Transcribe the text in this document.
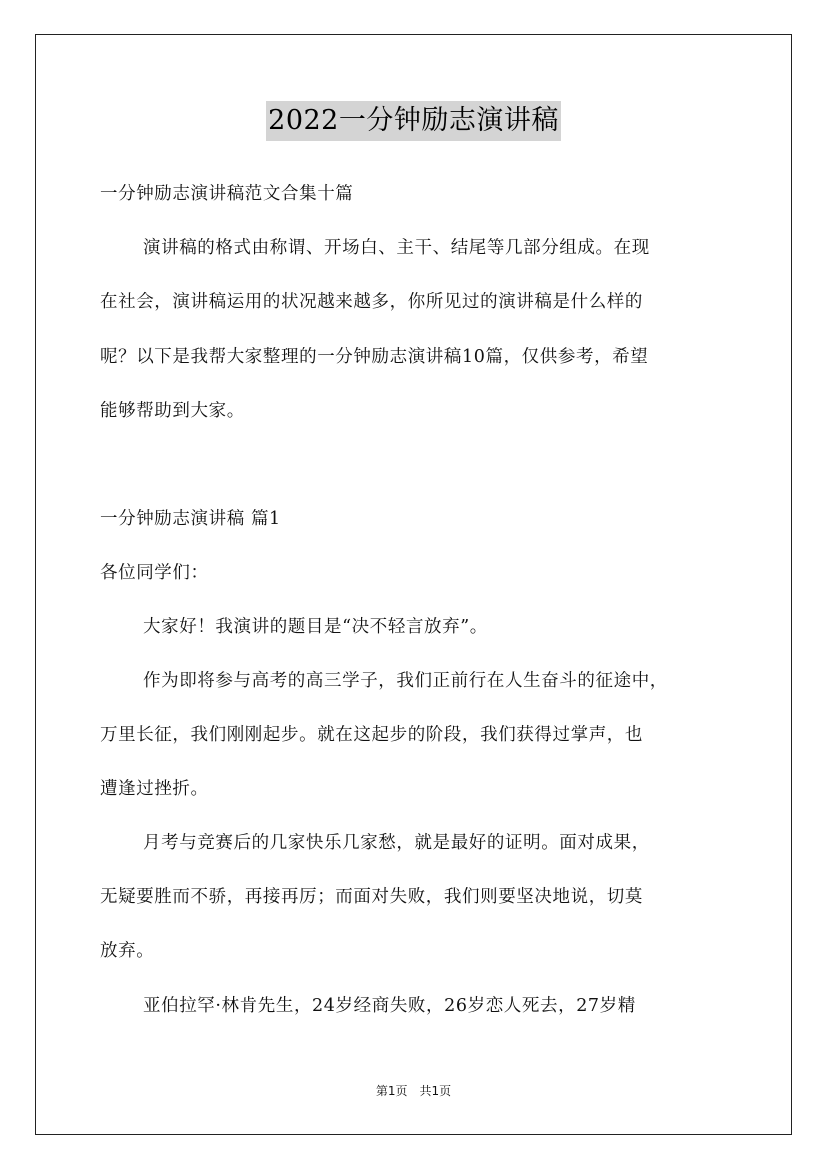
2022一分钟励志演讲稿
一分钟励志演讲稿范文合集十篇
演讲稿的格式由称谓、开场白、主干、结尾等几部分组成。在现
在社会，演讲稿运用的状况越来越多，你所见过的演讲稿是什么样的
呢？以下是我帮大家整理的一分钟励志演讲稿10篇，仅供参考，希望
能够帮助到大家。
一分钟励志演讲稿 篇1
各位同学们：
大家好！我演讲的题目是“决不轻言放弃”。
作为即将参与高考的高三学子，我们正前行在人生奋斗的征途中，
万里长征，我们刚刚起步。就在这起步的阶段，我们获得过掌声，也
遭逢过挫折。
月考与竞赛后的几家快乐几家愁，就是最好的证明。面对成果，
无疑要胜而不骄，再接再厉；而面对失败，我们则要坚决地说，切莫
放弃。
亚伯拉罕·林肯先生，24岁经商失败，26岁恋人死去，27岁精
第1页　共1页
